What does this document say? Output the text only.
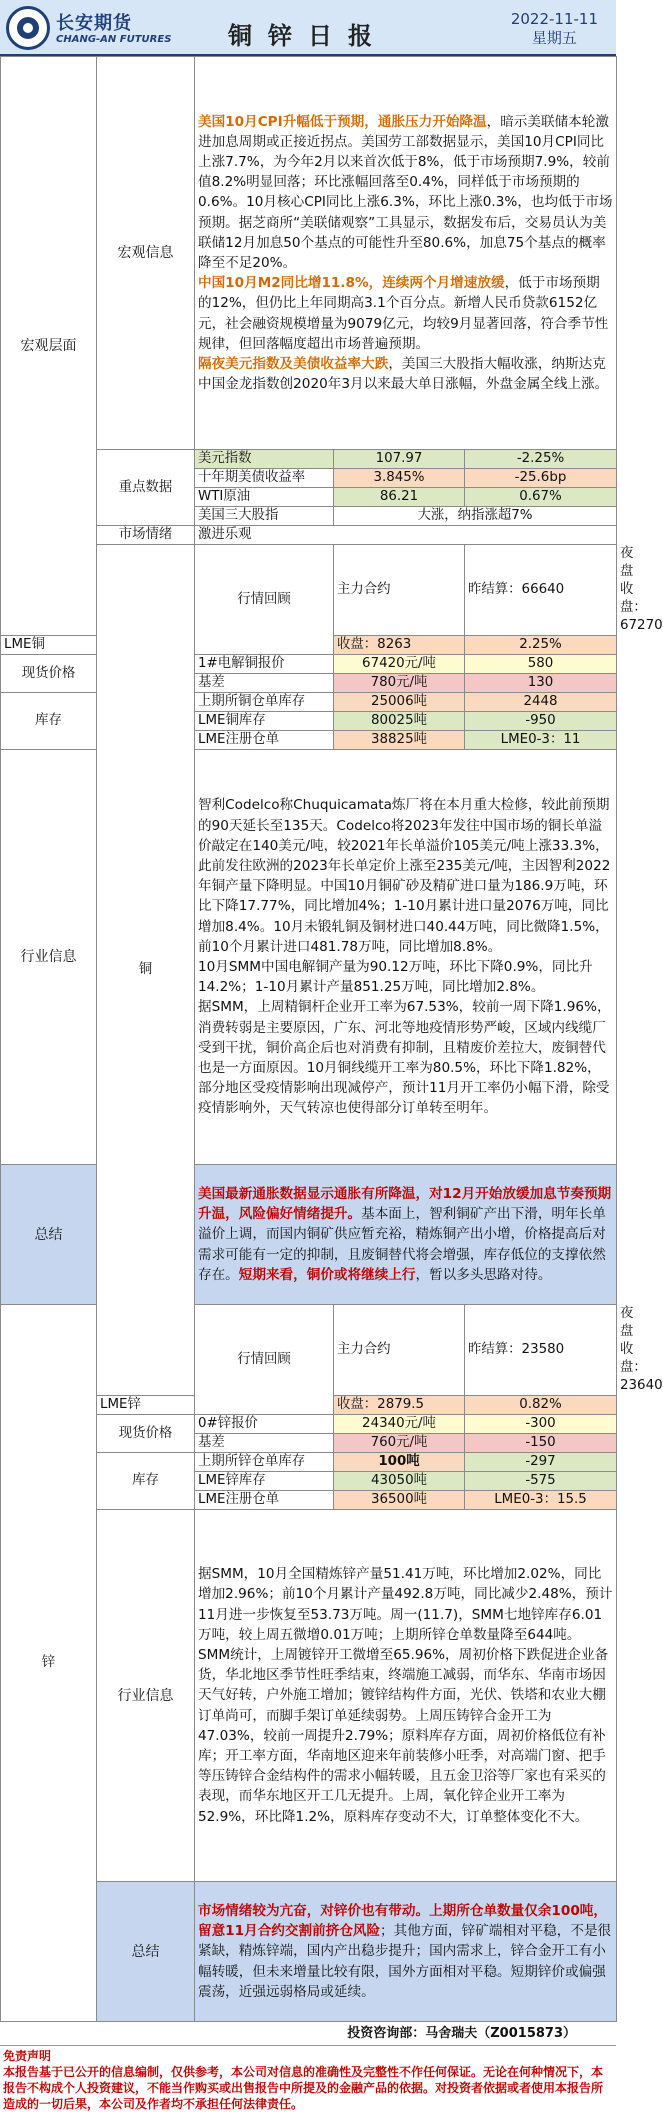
长安期货
CHANG-AN FUTURES	铜锌日报
2022-11-11
星期五
宏观层面	宏观信息	美国10月CPI升幅低于预期，通胀压力开始降温，暗示美联储本轮激进加息周期或正接近拐点。美国劳工部数据显示，美国10月CPI同比上涨7.7%，为今年2月以来首次低于8%，低于市场预期7.9%，较前值8.2%明显回落；环比涨幅回落至0.4%，同样低于市场预期的0.6%。10月核心CPI同比上涨6.3%，环比上涨0.3%，也均低于市场预期。据芝商所“美联储观察”工具显示，数据发布后，交易员认为美联储12月加息50个基点的可能性升至80.6%，加息75个基点的概率降至不足20%。
中国10月M2同比增11.8%，连续两个月增速放缓，低于市场预期的12%，但仍比上年同期高3.1个百分点。新增人民币贷款6152亿元，社会融资规模增量为9079亿元，均较9月显著回落，符合季节性规律，但回落幅度超出市场普遍预期。
隔夜美元指数及美债收益率大跌，美国三大股指大幅收涨，纳斯达克中国金龙指数创2020年3月以来最大单日涨幅，外盘金属全线上涨。			
	重点数据	美元指数	107.97	-2.25%	
		十年期美债收益率	3.845%	-25.6bp	
		WTI原油	86.21	0.67%	
		美国三大股指	大涨，纳指涨超7%		
	市场情绪	激进乐观			
	铜	行情回顾	主力合约	昨结算：66640	夜盘收盘：67270
LME铜			收盘：8263	2.25%	
现货价格		1#电解铜报价	67420元/吨	580	
		基差	780元/吨	130	
库存		上期所铜仓单库存	25006吨	2448	
		LME铜库存	80025吨	-950	
		LME注册仓单	38825吨	LME0-3：11	
行业信息		智利Codelco称Chuquicamata炼厂将在本月重大检修，较此前预期的90天延长至135天。Codelco将2023年发往中国市场的铜长单溢价敲定在140美元/吨，较2021年长单溢价105美元/吨上涨33.3%，此前发往欧洲的2023年长单定价上涨至235美元/吨，主因智利2022年铜产量下降明显。中国10月铜矿砂及精矿进口量为186.9万吨，环比下降17.77%，同比增加4%；1-10月累计进口量2076万吨，同比增加8.4%。10月未锻轧铜及铜材进口40.44万吨，同比微降1.5%，前10个月累计进口481.78万吨，同比增加8.8%。
10月SMM中国电解铜产量为90.12万吨，环比下降0.9%，同比升14.2%；1-10月累计产量851.25万吨，同比增加2.8%。
据SMM，上周精铜杆企业开工率为67.53%，较前一周下降1.96%，消费转弱是主要原因，广东、河北等地疫情形势严峻，区域内线缆厂受到干扰，铜价高企后也对消费有抑制，且精废价差拉大，废铜替代也是一方面原因。10月铜线缆开工率为80.5%，环比下降1.82%，部分地区受疫情影响出现减停产，预计11月开工率仍小幅下滑，除受疫情影响外，天气转凉也使得部分订单转至明年。			
总结		美国最新通胀数据显示通胀有所降温，对12月开始放缓加息节奏预期升温，风险偏好情绪提升。基本面上，智利铜矿产出下滑，明年长单溢价上调，而国内铜矿供应暂充裕，精炼铜产出小增，价格提高后对需求可能有一定的抑制，且废铜替代将会增强，库存低位的支撑依然存在。短期来看，铜价或将继续上行，暂以多头思路对待。			
锌		行情回顾	主力合约	昨结算：23580	夜盘收盘：23640
	LME锌		收盘：2879.5	0.82%	
	现货价格	0#锌报价	24340元/吨	-300	
		基差	760元/吨	-150	
	库存	上期所锌仓单库存	100吨	-297	
		LME锌库存	43050吨	-575	
		LME注册仓单	36500吨	LME0-3：15.5	
	行业信息	据SMM，10月全国精炼锌产量51.41万吨，环比增加2.02%，同比增加2.96%；前10个月累计产量492.8万吨，同比减少2.48%，预计11月进一步恢复至53.73万吨。周一(11.7)，SMM七地锌库存6.01万吨，较上周五微增0.01万吨；上期所锌仓单数量降至644吨。
SMM统计，上周镀锌开工微增至65.96%，周初价格下跌促进企业备货，华北地区季节性旺季结束，终端施工减弱，而华东、华南市场因天气好转，户外施工增加；镀锌结构件方面，光伏、铁塔和农业大棚订单尚可，而脚手架订单延续弱势。上周压铸锌合金开工为47.03%，较前一周提升2.79%；原料库存方面，周初价格低位有补库；开工率方面，华南地区迎来年前装修小旺季，对高端门窗、把手等压铸锌合金结构件的需求小幅转暖，且五金卫浴等厂家也有采买的表现，而华东地区开工几无提升。上周，氧化锌企业开工率为52.9%，环比降1.2%，原料库存变动不大，订单整体变化不大。			
	总结	市场情绪较为亢奋，对锌价也有带动。上期所仓单数量仅余100吨，留意11月合约交割前挤仓风险；其他方面，锌矿端相对平稳，不是很紧缺，精炼锌端，国内产出稳步提升；国内需求上，锌合金开工有小幅转暖，但未来增量比较有限，国外方面相对平稳。短期锌价或偏强震荡，近强远弱格局或延续。			
投资咨询部：马舍瑞夫（Z0015873）
免责声明
本报告基于已公开的信息编制，仅供参考，本公司对信息的准确性及完整性不作任何保证。无论在何种情况下，本报告不构成个人投资建议，不能当作购买或出售报告中所提及的金融产品的依据。对投资者依据或者使用本报告所造成的一切后果，本公司及作者均不承担任何法律责任。
